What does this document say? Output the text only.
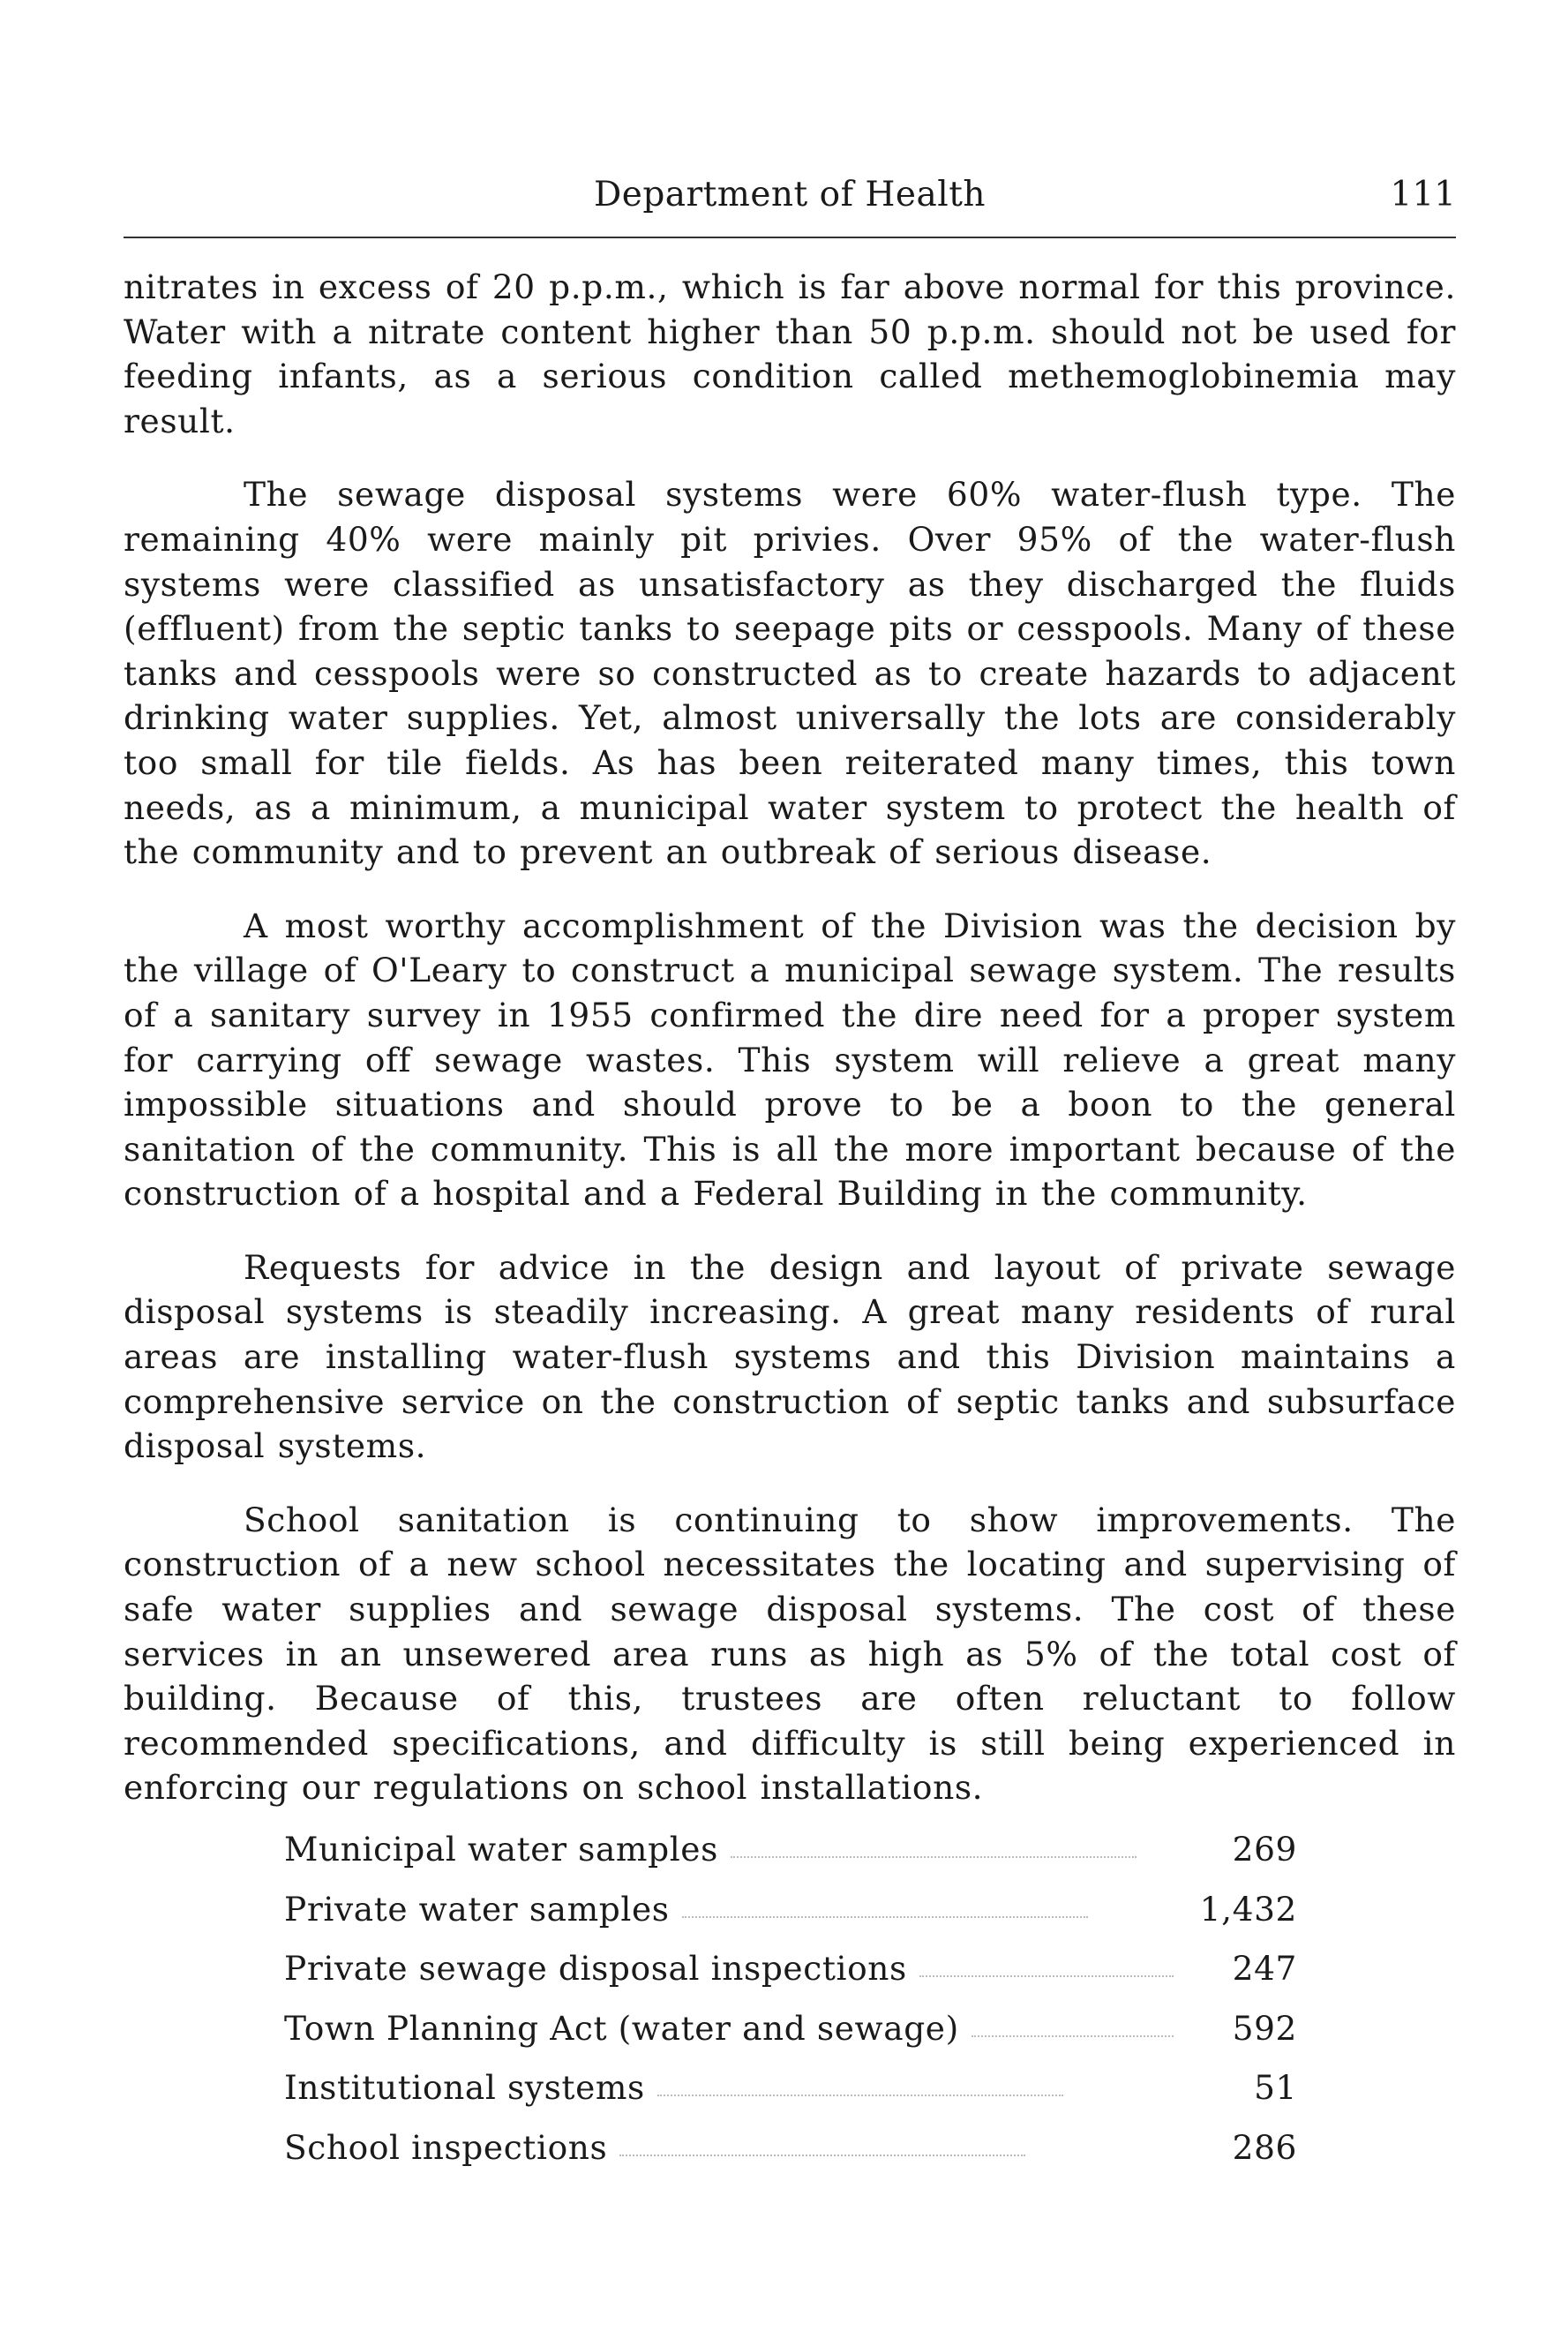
Department of Health	111

nitrates in excess of 20 p.p.m., which is far above normal for this province. Water with a nitrate content higher than 50 p.p.m. should not be used for feeding infants, as a serious condition called methemoglobinemia may result.

The sewage disposal systems were 60% water-flush type. The remaining 40% were mainly pit privies. Over 95% of the water-flush systems were classified as unsatisfactory as they discharged the fluids (effluent) from the septic tanks to seepage pits or cesspools. Many of these tanks and cesspools were so constructed as to create hazards to adjacent drinking water supplies. Yet, almost universally the lots are considerably too small for tile fields. As has been reiterated many times, this town needs, as a minimum, a municipal water system to protect the health of the community and to prevent an outbreak of serious disease.

A most worthy accomplishment of the Division was the decision by the village of O'Leary to construct a municipal sewage system. The results of a sanitary survey in 1955 confirmed the dire need for a proper system for carrying off sewage wastes. This system will relieve a great many impossible situations and should prove to be a boon to the general sanitation of the community. This is all the more important because of the construction of a hospital and a Federal Building in the community.

Requests for advice in the design and layout of private sewage disposal systems is steadily increasing. A great many residents of rural areas are installing water-flush systems and this Division maintains a comprehensive service on the construction of septic tanks and subsurface disposal systems.

School sanitation is continuing to show improvements. The construction of a new school necessitates the locating and supervising of safe water supplies and sewage disposal systems. The cost of these services in an unsewered area runs as high as 5% of the total cost of building. Because of this, trustees are often reluctant to follow recommended specifications, and difficulty is still being experienced in enforcing our regulations on school installations.

Municipal water samples	269
Private water samples	1,432
Private sewage disposal inspections	247
Town Planning Act (water and sewage)	592
Institutional systems	51
School inspections	286
